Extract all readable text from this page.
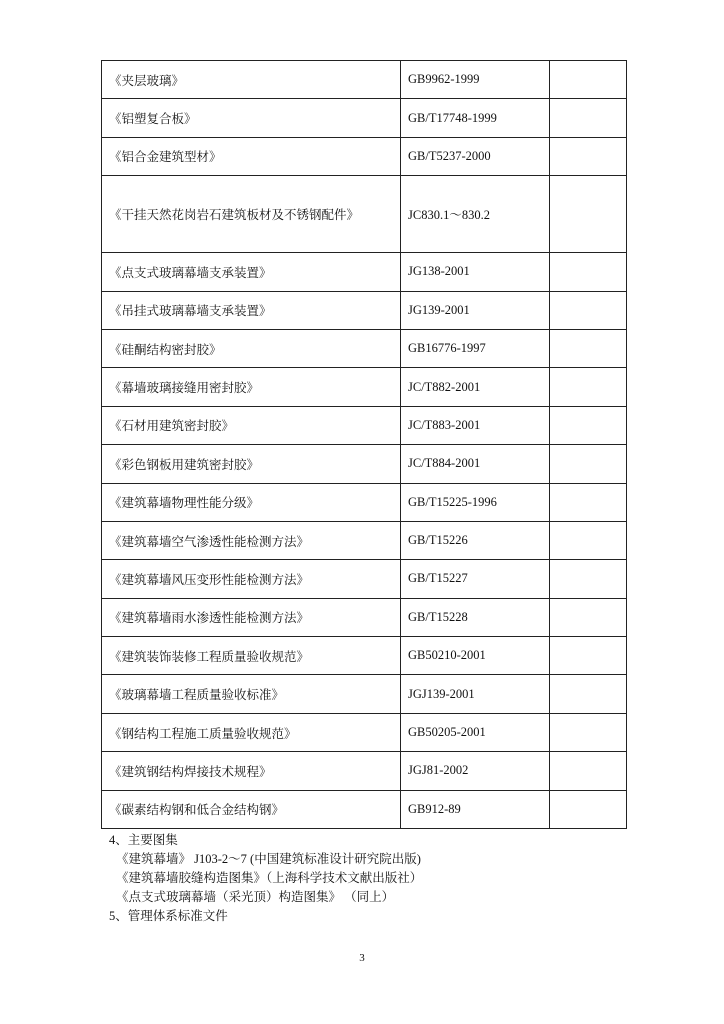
《夹层玻璃》	GB9962-1999	
《铝塑复合板》	GB/T17748-1999	
《铝合金建筑型材》	GB/T5237-2000	
《干挂天然花岗岩石建筑板材及不锈钢配件》	JC830.1～830.2	
《点支式玻璃幕墙支承装置》	JG138-2001	
《吊挂式玻璃幕墙支承装置》	JG139-2001	
《硅酮结构密封胶》	GB16776-1997	
《幕墙玻璃接缝用密封胶》	JC/T882-2001	
《石材用建筑密封胶》	JC/T883-2001	
《彩色钢板用建筑密封胶》	JC/T884-2001	
《建筑幕墙物理性能分级》	GB/T15225-1996	
《建筑幕墙空气渗透性能检测方法》	GB/T15226	
《建筑幕墙风压变形性能检测方法》	GB/T15227	
《建筑幕墙雨水渗透性能检测方法》	GB/T15228	
《建筑装饰装修工程质量验收规范》	GB50210-2001	
《玻璃幕墙工程质量验收标准》	JGJ139-2001	
《钢结构工程施工质量验收规范》	GB50205-2001	
《建筑钢结构焊接技术规程》	JGJ81-2002	
《碳素结构钢和低合金结构钢》	GB912-89	
4、主要图集
《建筑幕墙》 J103-2～7 (中国建筑标准设计研究院出版)
《建筑幕墙胶缝构造图集》（上海科学技术文献出版社）
《点支式玻璃幕墙（采光顶）构造图集》 （同上）
5、管理体系标准文件
3
